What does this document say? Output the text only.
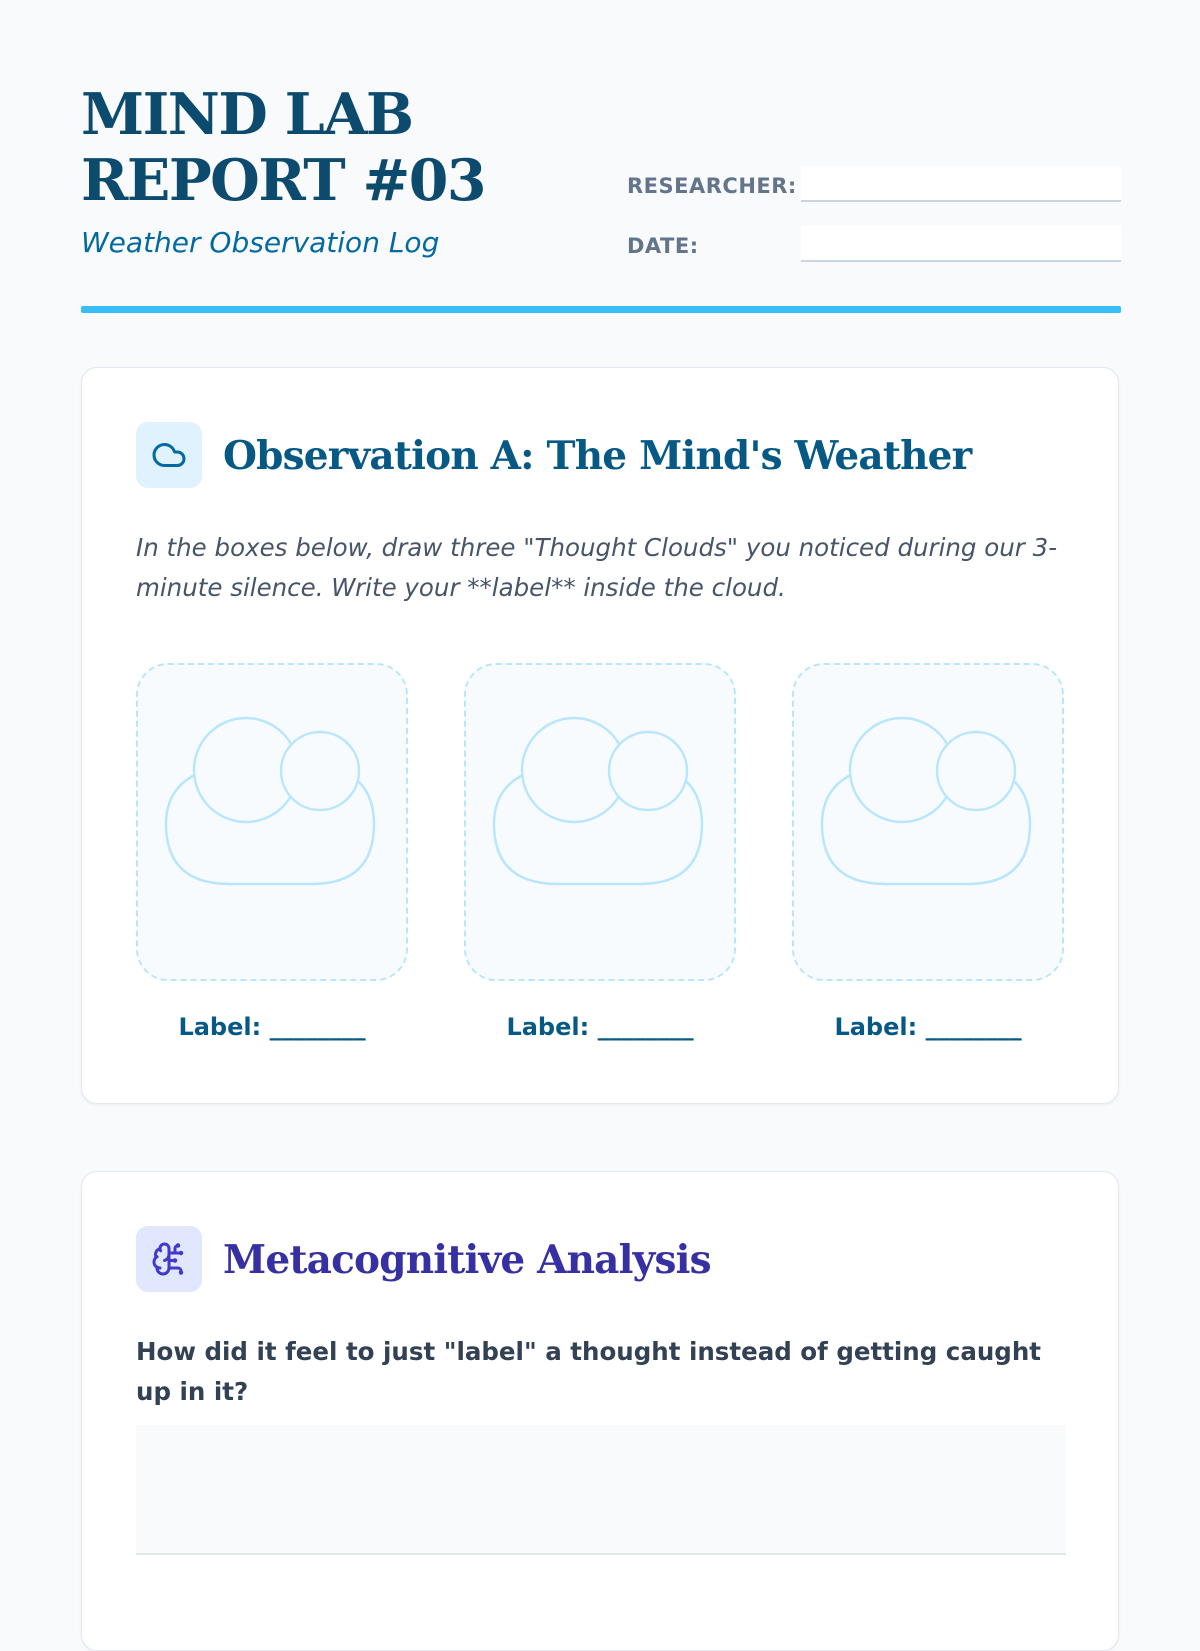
MIND LAB REPORT #03
Weather Observation Log
RESEARCHER:
DATE:
Observation A: The Mind's Weather
In the boxes below, draw three "Thought Clouds" you noticed during our 3-minute silence. Write your **label** inside the cloud.
Label: ________	Label: ________	Label: ________
Metacognitive Analysis
How did it feel to just "label" a thought instead of getting caught up in it?
